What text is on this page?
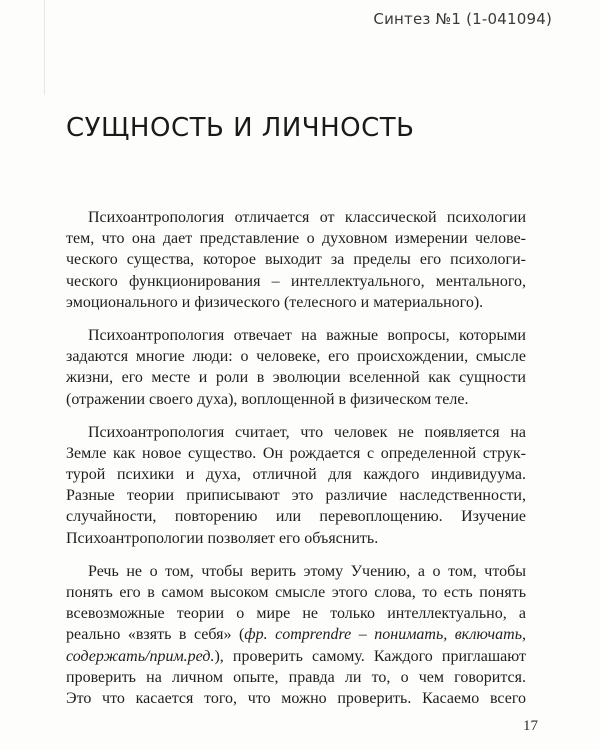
Синтез №1 (1-041094)
СУЩНОСТЬ И ЛИЧНОСТЬ

Психоантропология отличается от классической психологии
тем, что она дает представление о духовном измерении челове-
ческого существа, которое выходит за пределы его психологи-
ческого функционирования – интеллектуального, ментального,
эмоционального и физического (телесного и материального).

Психоантропология отвечает на важные вопросы, которыми
задаются многие люди: о человеке, его происхождении, смысле
жизни, его месте и роли в эволюции вселенной как сущности
(отражении своего духа), воплощенной в физическом теле.

Психоантропология считает, что человек не появляется на
Земле как новое существо. Он рождается с определенной струк-
турой психики и духа, отличной для каждого индивидуума.
Разные теории приписывают это различие наследственности,
случайности, повторению или перевоплощению. Изучение
Психоантропологии позволяет его объяснить.

Речь не о том, чтобы верить этому Учению, а о том, чтобы
понять его в самом высоком смысле этого слова, то есть понять
всевозможные теории о мире не только интеллектуально, а
реально «взять в себя» (фр. comprendre – понимать, включать,
содержать/прим.ред.), проверить самому. Каждого приглашают
проверить на личном опыте, правда ли то, о чем говорится.
Это что касается того, что можно проверить. Касаемо всего

17
